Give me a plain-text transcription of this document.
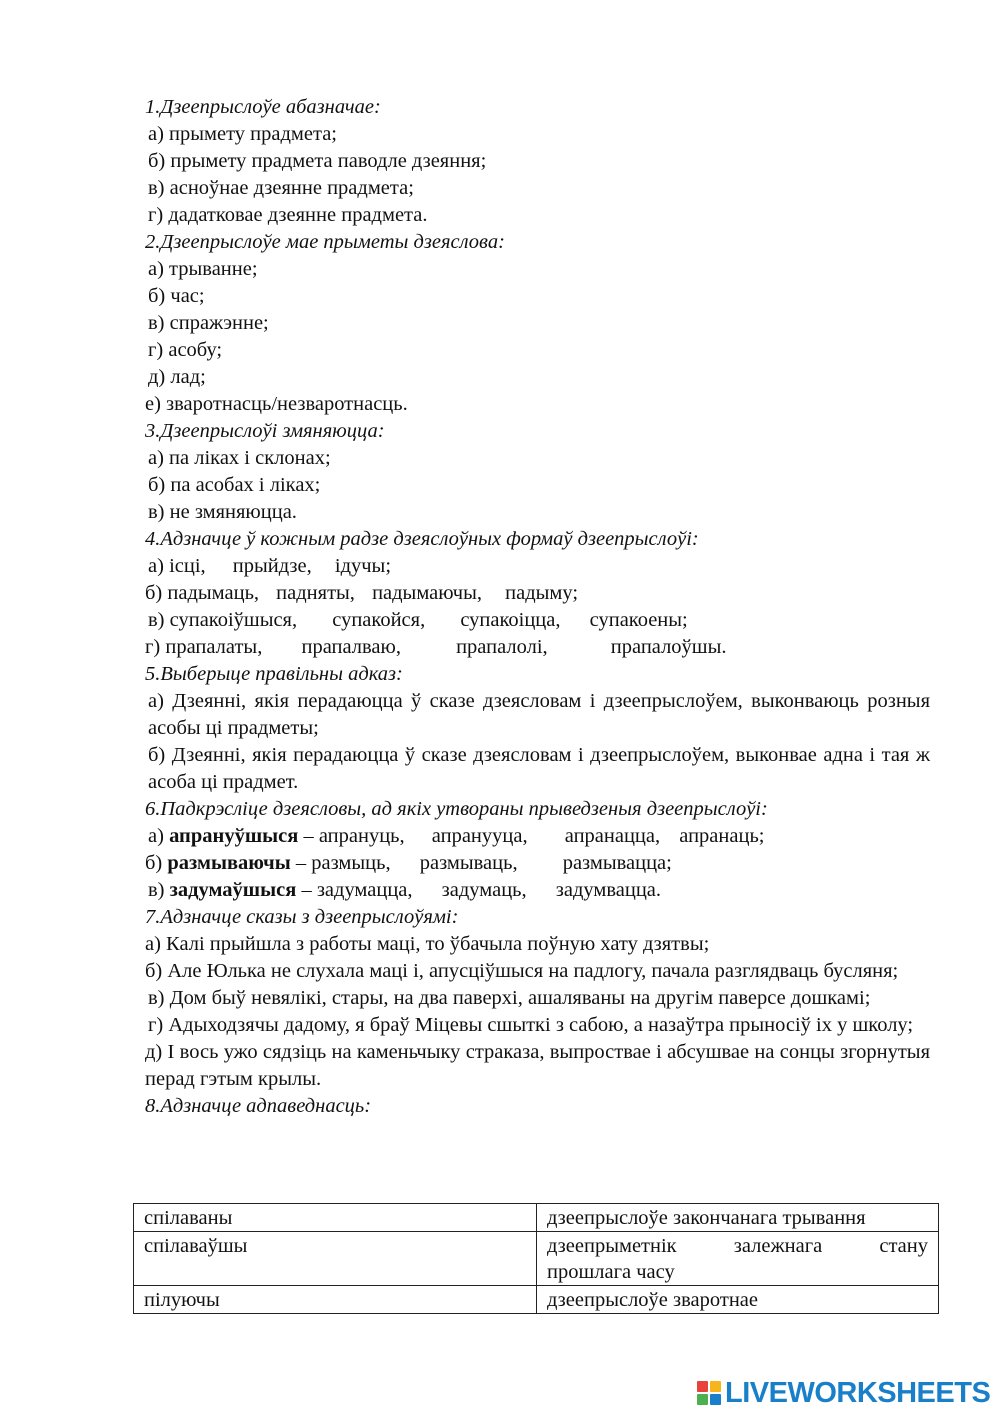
1.Дзеепрыслоўе абазначае:
а) прымету прадмета;
б) прымету прадмета паводле дзеяння;
в) асноўнае дзеянне прадмета;
г) дадатковае дзеянне прадмета.
2.Дзеепрыслоўе мае прыметы дзеяслова:
а) трыванне;
б) час;
в) спражэнне;
г) асобу;
д) лад;
е) зваротнасць/незваротнасць.
3.Дзеепрыслоўі змяняюцца:
а) па ліках і склонах;
б) па асобах і ліках;
в) не змяняюцца.
4.Адзначце ў кожным радзе дзеяслоўных формаў дзеепрыслоўі:
а) ісці, прыйдзе, ідучы;
б) падымаць, падняты, падымаючы, падыму;
в) супакоіўшыся, супакойся, супакоіцца, супакоены;
г) прапалаты, прапалваю,	прапалолі,	прапалоўшы.
5.Выберыце правільны адказ:
а) Дзеянні, якія перадаюцца ў сказе дзеясловам і дзеепрыслоўем, выконваюць розныя асобы ці прадметы;
б) Дзеянні, якія перадаюцца ў сказе дзеясловам і дзеепрыслоўем, выконвае адна і тая ж асоба ці прадмет.
6.Падкрэсліце дзеясловы, ад якіх утвораны прыведзеныя дзеепрыслоўі:
а) апрануўшыся – апрануць, апранууца, апранацца, апранаць;
б) размываючы – размыць, размываць, размывацца;
в) задумаўшыся – задумацца, задумаць, задумвацца.
7.Адзначце сказы з дзеепрыслоўямі:
а) Калі прыйшла з работы маці, то ўбачыла поўную хату дзятвы;
б) Але Юлька не слухала маці і, апусціўшыся на падлогу, пачала разглядваць бусляня;
в) Дом быў невялікі, стары, на два паверхі, ашаляваны на другім паверсе дошкамі;
г) Адыходзячы дадому, я браў Міцевы сшыткі з сабою, а назаўтра прыносіў іх у школу;
д) І вось ужо сядзіць на каменьчыку страказа, выпроствае і абсушвае на сонцы згорнутыя перад гэтым крылы.
8.Адзначце адпаведнасць:
спілаваны	дзеепрыслоўе закончанага трывання
спілаваўшы	дзеепрыметнік залежнага стану
прошлага часу

пілуючы	дзеепрыслоўе зваротнае
LIVEWORKSHEETS
